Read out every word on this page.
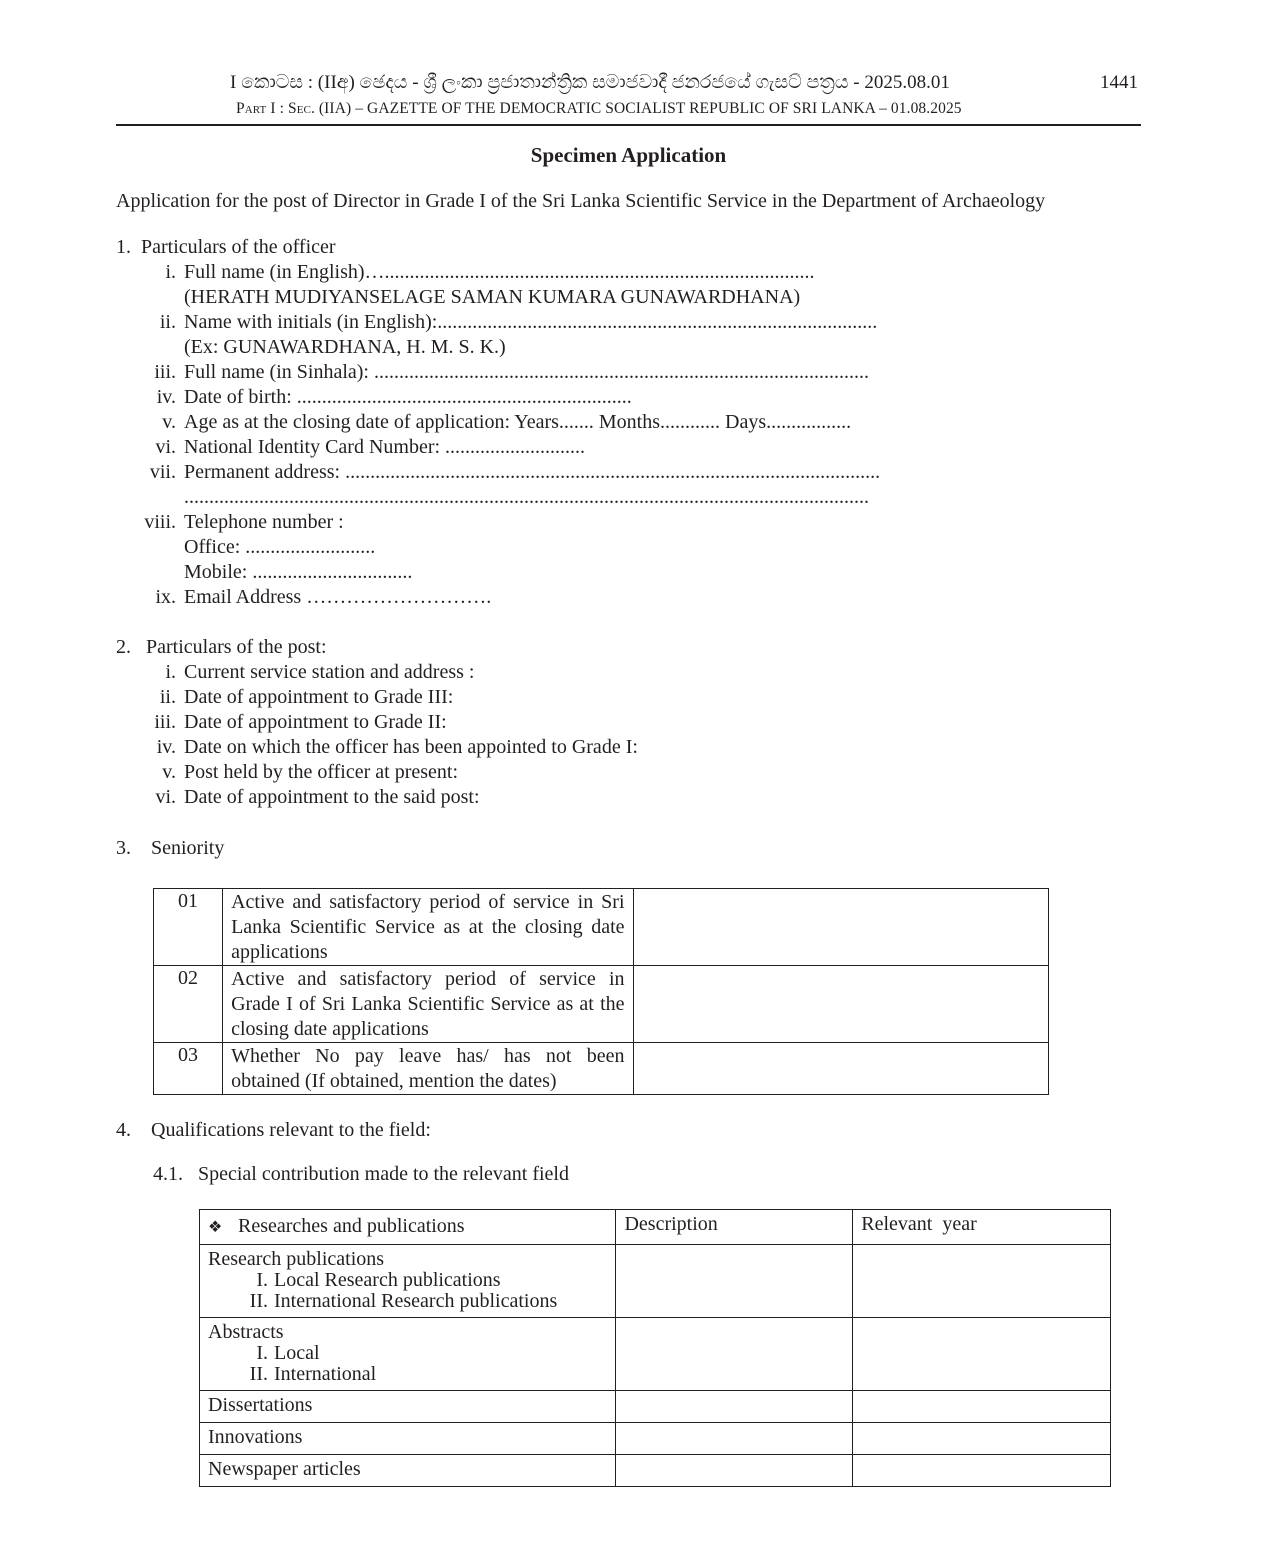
I කොටස : (IIඅ) ඡෙදය - ශ්‍රී ලංකා ප්‍රජාතාන්ත්‍රික සමාජවාදී ජනරජයේ ගැසට් පත්‍රය - 2025.08.01	1441
Part I : Sec. (IIA) – GAZETTE OF THE DEMOCRATIC SOCIALIST REPUBLIC OF SRI LANKA – 01.08.2025
Specimen Application
Application for the post of Director in Grade I of the Sri Lanka Scientific Service in the Department of Archaeology
1. Particulars of the officer
i. Full name (in English)…......................................................................................
(HERATH MUDIYANSELAGE SAMAN KUMARA GUNAWARDHANA)
ii. Name with initials (in English):........................................................................................
(Ex: GUNAWARDHANA, H. M. S. K.)
iii. Full name (in Sinhala): ...................................................................................................
iv. Date of birth: ...................................................................
v. Age as at the closing date of application: Years....... Months............ Days.................
vi. National Identity Card Number: ............................
vii. Permanent address: ...........................................................................................................
.........................................................................................................................................
viii. Telephone number :
Office: ..........................
Mobile: ................................
ix. Email Address ……………………….
2. Particulars of the post:
i. Current service station and address :
ii. Date of appointment to Grade III:
iii. Date of appointment to Grade II:
iv. Date on which the officer has been appointed to Grade I:
v. Post held by the officer at present:
vi. Date of appointment to the said post:
3. Seniority
01	Active and satisfactory period of service in Sri Lanka Scientific Service as at the closing date applications	
02	Active and satisfactory period of service in Grade I of Sri Lanka Scientific Service as at the closing date applications	
03	Whether No pay leave has/ has not been obtained (If obtained, mention the dates)	
4. Qualifications relevant to the field:
4.1. Special contribution made to the relevant field
❖ Researches and publications	Description	Relevant  year
Research publications
I. Local Research publications
II. International Research publications		

Abstracts
I. Local
II. International		

Dissertations		
Innovations		
Newspaper articles		
